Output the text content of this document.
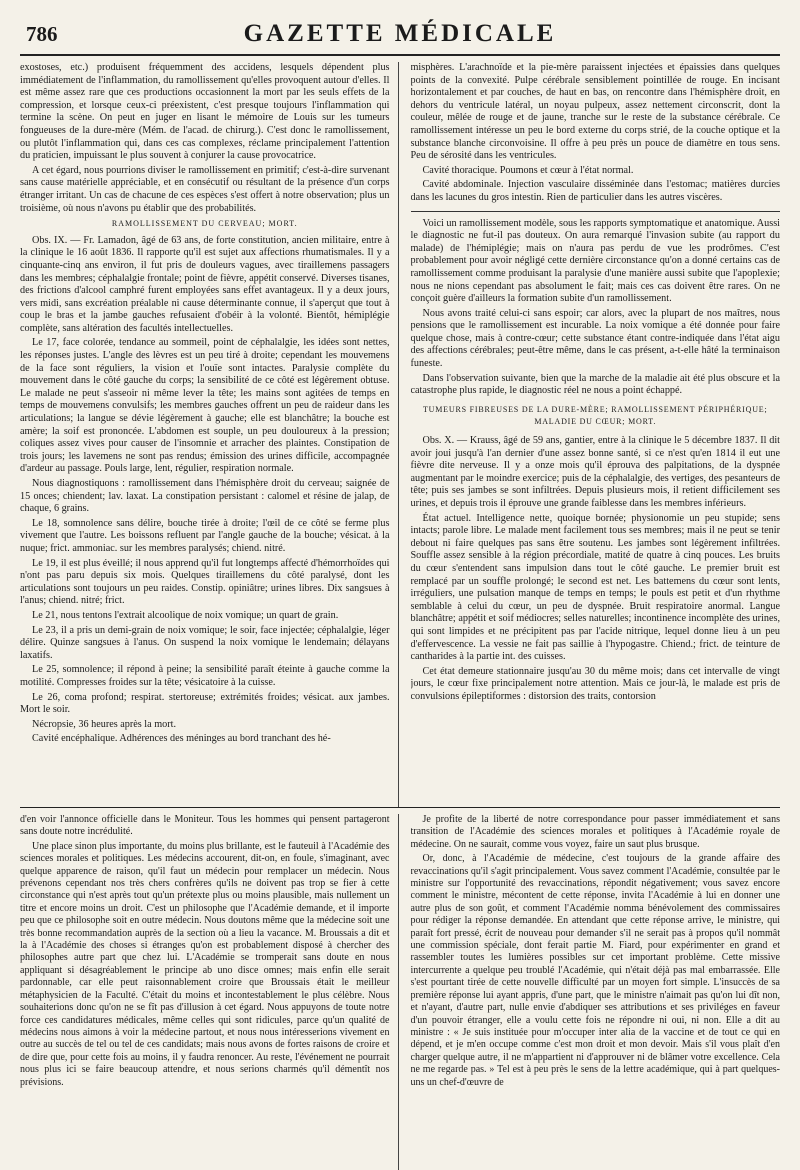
786	GAZETTE MÉDICALE

exostoses, etc.) produisent fréquemment des accidens, lesquels dépendent plus immédiatement de l'inflammation, du ramollissement qu'elles provoquent autour d'elles. Il est même assez rare que ces productions occasionnent la mort par les seuls effets de la compression, et lorsque ceux-ci préexistent, c'est presque toujours l'inflammation qui termine la scène. On peut en juger en lisant le mémoire de Louis sur les tumeurs fongueuses de la dure-mère (Mém. de l'acad. de chirurg.). C'est donc le ramollissement, ou plutôt l'inflammation qui, dans ces cas complexes, réclame principalement l'attention du praticien, impuissant le plus souvent à conjurer la cause provocatrice.

A cet égard, nous pourrions diviser le ramollissement en primitif; c'est-à-dire survenant sans cause matérielle appréciable, et en consécutif ou résultant de la présence d'un corps étranger irritant. Un cas de chacune de ces espèces s'est offert à notre observation; plus un troisième, où nous n'avons pu établir que des probabilités.

RAMOLLISSEMENT DU CERVEAU; MORT.

Obs. IX. — Fr. Lamadon, âgé de 63 ans, de forte constitution, ancien militaire, entre à la clinique le 16 août 1836. Il rapporte qu'il est sujet aux affections rhumatismales. Il y a cinquante-cinq ans environ, il fut pris de douleurs vagues, avec tiraillemens passagers dans les membres; céphalalgie frontale; point de fièvre, appétit conservé. Diverses tisanes, des frictions d'alcool camphré furent employées sans effet avantageux. Il y a deux jours, vers midi, sans excréation préalable ni cause déterminante connue, il s'aperçut que tout à coup le bras et la jambe gauches refusaient d'obéir à la volonté. Bientôt, hémiplégie complète, sans altération des facultés intellectuelles.

Le 17, face colorée, tendance au sommeil, point de céphalalgie, les idées sont nettes, les réponses justes. L'angle des lèvres est un peu tiré à droite; cependant les mouvemens de la face sont réguliers, la vision et l'ouïe sont intactes. Paralysie complète du mouvement dans le côté gauche du corps; la sensibilité de ce côté est légèrement obtuse. Le malade ne peut s'asseoir ni même lever la tête; les mains sont agitées de temps en temps de mouvemens convulsifs; les membres gauches offrent un peu de raideur dans les articulations; la langue se dévie légèrement à gauche; elle est blanchâtre; la bouche est amère; la soif est prononcée. L'abdomen est souple, un peu douloureux à la pression; coliques assez vives pour causer de l'insomnie et arracher des plaintes. Constipation de trois jours; les lavemens ne sont pas rendus; émission des urines difficile, accompagnée d'ardeur au passage. Pouls large, lent, régulier, respiration normale.

Nous diagnostiquons : ramollissement dans l'hémisphère droit du cerveau; saignée de 15 onces; chiendent; lav. laxat. La constipation persistant : calomel et résine de jalap, de chaque, 6 grains.

Le 18, somnolence sans délire, bouche tirée à droite; l'œil de ce côté se ferme plus vivement que l'autre. Les boissons refluent par l'angle gauche de la bouche; vésicat. à la nuque; frict. ammoniac. sur les membres paralysés; chiend. nitré.

Le 19, il est plus éveillé; il nous apprend qu'il fut longtemps affecté d'hémorrhoïdes qui n'ont pas paru depuis six mois. Quelques tiraillemens du côté paralysé, dont les articulations sont toujours un peu raides. Constip. opiniâtre; urines libres. Dix sangsues à l'anus; chiend. nitré; frict.

Le 21, nous tentons l'extrait alcoolique de noix vomique; un quart de grain.

Le 23, il a pris un demi-grain de noix vomique; le soir, face injectée; céphalalgie, léger délire. Quinze sangsues à l'anus. On suspend la noix vomique le lendemain; délayans laxatifs.

Le 25, somnolence; il répond à peine; la sensibilité paraît éteinte à gauche comme la motilité. Compresses froides sur la tête; vésicatoire à la cuisse.

Le 26, coma profond; respirat. stertoreuse; extrémités froides; vésicat. aux jambes. Mort le soir.

Nécropsie, 36 heures après la mort.

Cavité encéphalique. Adhérences des méninges au bord tranchant des hé-

misphères. L'arachnoïde et la pie-mère paraissent injectées et épaissies dans quelques points de la convexité. Pulpe cérébrale sensiblement pointillée de rouge. En incisant horizontalement et par couches, de haut en bas, on rencontre dans l'hémisphère droit, en dehors du ventricule latéral, un noyau pulpeux, assez nettement circonscrit, dont la couleur, mêlée de rouge et de jaune, tranche sur le reste de la substance cérébrale. Ce ramollissement intéresse un peu le bord externe du corps strié, de la couche optique et la substance blanche circonvoisine. Il offre à peu près un pouce de diamètre en tous sens. Peu de sérosité dans les ventricules.

Cavité thoracique. Poumons et cœur à l'état normal.

Cavité abdominale. Injection vasculaire disséminée dans l'estomac; matières durcies dans les lacunes du gros intestin. Rien de particulier dans les autres viscères.

Voici un ramollissement modèle, sous les rapports symptomatique et anatomique. Aussi le diagnostic ne fut-il pas douteux. On aura remarqué l'invasion subite (au rapport du malade) de l'hémiplégie; mais on n'aura pas perdu de vue les prodrômes. C'est probablement pour avoir négligé cette dernière circonstance qu'on a donné certains cas de ramollissement comme produisant la paralysie d'une manière aussi subite que l'apoplexie; nous ne nions cependant pas absolument le fait; mais ces cas doivent être rares. On ne conçoit guère d'ailleurs la formation subite d'un ramollissement.

Nous avons traité celui-ci sans espoir; car alors, avec la plupart de nos maîtres, nous pensions que le ramollissement est incurable. La noix vomique a été donnée pour faire quelque chose, mais à contre-cœur; cette substance étant contre-indiquée dans l'état aigu des affections cérébrales; peut-être même, dans le cas présent, a-t-elle hâté la terminaison funeste.

Dans l'observation suivante, bien que la marche de la maladie ait été plus obscure et la catastrophe plus rapide, le diagnostic réel ne nous a point échappé.

TUMEURS FIBREUSES DE LA DURE-MÈRE; RAMOLLISSEMENT PÉRIPHÉRIQUE; MALADIE DU CŒUR; MORT.

Obs. X. — Krauss, âgé de 59 ans, gantier, entre à la clinique le 5 décembre 1837. Il dit avoir joui jusqu'à l'an dernier d'une assez bonne santé, si ce n'est qu'en 1814 il eut une fièvre dite nerveuse. Il y a onze mois qu'il éprouva des palpitations, de la dyspnée augmentant par le moindre exercice; puis de la céphalalgie, des vertiges, des pesanteurs de tête; puis ses jambes se sont infiltrées. Depuis plusieurs mois, il retient difficilement ses urines, et depuis trois il éprouve une grande faiblesse dans les membres inférieurs.

État actuel. Intelligence nette, quoique bornée; physionomie un peu stupide; sens intacts; parole libre. Le malade ment facilement tous ses membres; mais il ne peut se tenir debout ni faire quelques pas sans être soutenu. Les jambes sont légèrement infiltrées. Souffle assez sensible à la région précordiale, matité de quatre à cinq pouces. Les bruits du cœur s'entendent sans impulsion dans tout le côté gauche. Le premier bruit est remplacé par un souffle prolongé; le second est net. Les battemens du cœur sont lents, irréguliers, une pulsation manque de temps en temps; le pouls est petit et d'un rhythme semblable à celui du cœur, un peu de dyspnée. Bruit respiratoire anormal. Langue blanchâtre; appétit et soif médiocres; selles naturelles; incontinence incomplète des urines, qui sont limpides et ne précipitent pas par l'acide nitrique, lequel donne lieu à un peu d'effervescence. La vessie ne fait pas saillie à l'hypogastre. Chiend.; frict. de teinture de cantharides à la partie int. des cuisses.

Cet état demeure stationnaire jusqu'au 30 du même mois; dans cet intervalle de vingt jours, le cœur fixe principalement notre attention. Mais ce jour-là, le malade est pris de convulsions épileptiformes : distorsion des traits, contorsion

d'en voir l'annonce officielle dans le Moniteur. Tous les hommes qui pensent partageront sans doute notre incrédulité.

Une place sinon plus importante, du moins plus brillante, est le fauteuil à l'Académie des sciences morales et politiques. Les médecins accourent, dit-on, en foule, s'imaginant, avec quelque apparence de raison, qu'il faut un médecin pour remplacer un médecin. Nous prévenons cependant nos très chers confrères qu'ils ne doivent pas trop se fier à cette circonstance qui n'est après tout qu'un prétexte plus ou moins plausible, mais nullement un titre et encore moins un droit. C'est un philosophe que l'Académie demande, et il importe peu que ce philosophe soit en outre médecin. Nous doutons même que la médecine soit une très bonne recommandation auprès de la section où a lieu la vacance. M. Broussais a dit et la à l'Académie des choses si étranges qu'on est probablement disposé à chercher des philosophes autre part que chez lui. L'Académie se tromperait sans doute en nous appliquant si désagréablement le principe ab uno disce omnes; mais enfin elle serait pardonnable, car elle peut raisonnablement croire que Broussais était le meilleur métaphysicien de la Faculté. C'était du moins et incontestablement le plus célèbre. Nous souhaiterions donc qu'on ne se fît pas d'illusion à cet égard. Nous appuyons de toute notre force ces candidatures médicales, même celles qui sont ridicules, parce qu'un qualité de médecins nous aimons à voir la médecine partout, et nous nous intéresserions vivement en outre au succès de tel ou tel de ces candidats; mais nous avons de fortes raisons de croire et de dire que, pour cette fois au moins, il y faudra renoncer. Au reste, l'événement ne pourrait nous plus ici se faire beaucoup attendre, et nous serions charmés qu'il démentît nos prévisions.

Je profite de la liberté de notre correspondance pour passer immédiatement et sans transition de l'Académie des sciences morales et politiques à l'Académie royale de médecine. On ne saurait, comme vous voyez, faire un saut plus brusque.

Or, donc, à l'Académie de médecine, c'est toujours de la grande affaire des revaccinations qu'il s'agit principalement. Vous savez comment l'Académie, consultée par le ministre sur l'opportunité des revaccinations, répondit négativement; vous savez encore comment le ministre, mécontent de cette réponse, invita l'Académie à lui en donner une autre plus de son goût, et comment l'Académie nomma bénévolement des commissaires pour rédiger la réponse demandée. En attendant que cette réponse arrive, le ministre, qui paraît fort pressé, écrit de nouveau pour demander s'il ne serait pas à propos qu'il nommât une commission spéciale, dont ferait partie M. Fiard, pour expérimenter en grand et rassembler toutes les lumières possibles sur cet important problème. Cette missive intercurrente a quelque peu troublé l'Académie, qui n'était déjà pas mal embarrassée. Elle s'est pourtant tirée de cette nouvelle difficulté par un moyen fort simple. L'insuccès de sa première réponse lui ayant appris, d'une part, que le ministre n'aimait pas qu'on lui dît non, et n'ayant, d'autre part, nulle envie d'abdiquer ses attributions et ses priviléges en faveur d'un pouvoir étranger, elle a voulu cette fois ne répondre ni oui, ni non. Elle a dit au ministre : « Je suis instituée pour m'occuper inter alia de la vaccine et de tout ce qui en dépend, et je m'en occupe comme c'est mon droit et mon devoir. Mais s'il vous plaît d'en charger quelque autre, il ne m'appartient ni d'approuver ni de blâmer votre excellence. Cela ne me regarde pas. » Tel est à peu près le sens de la lettre académique, qui à part quelques-uns un chef-d'œuvre de
